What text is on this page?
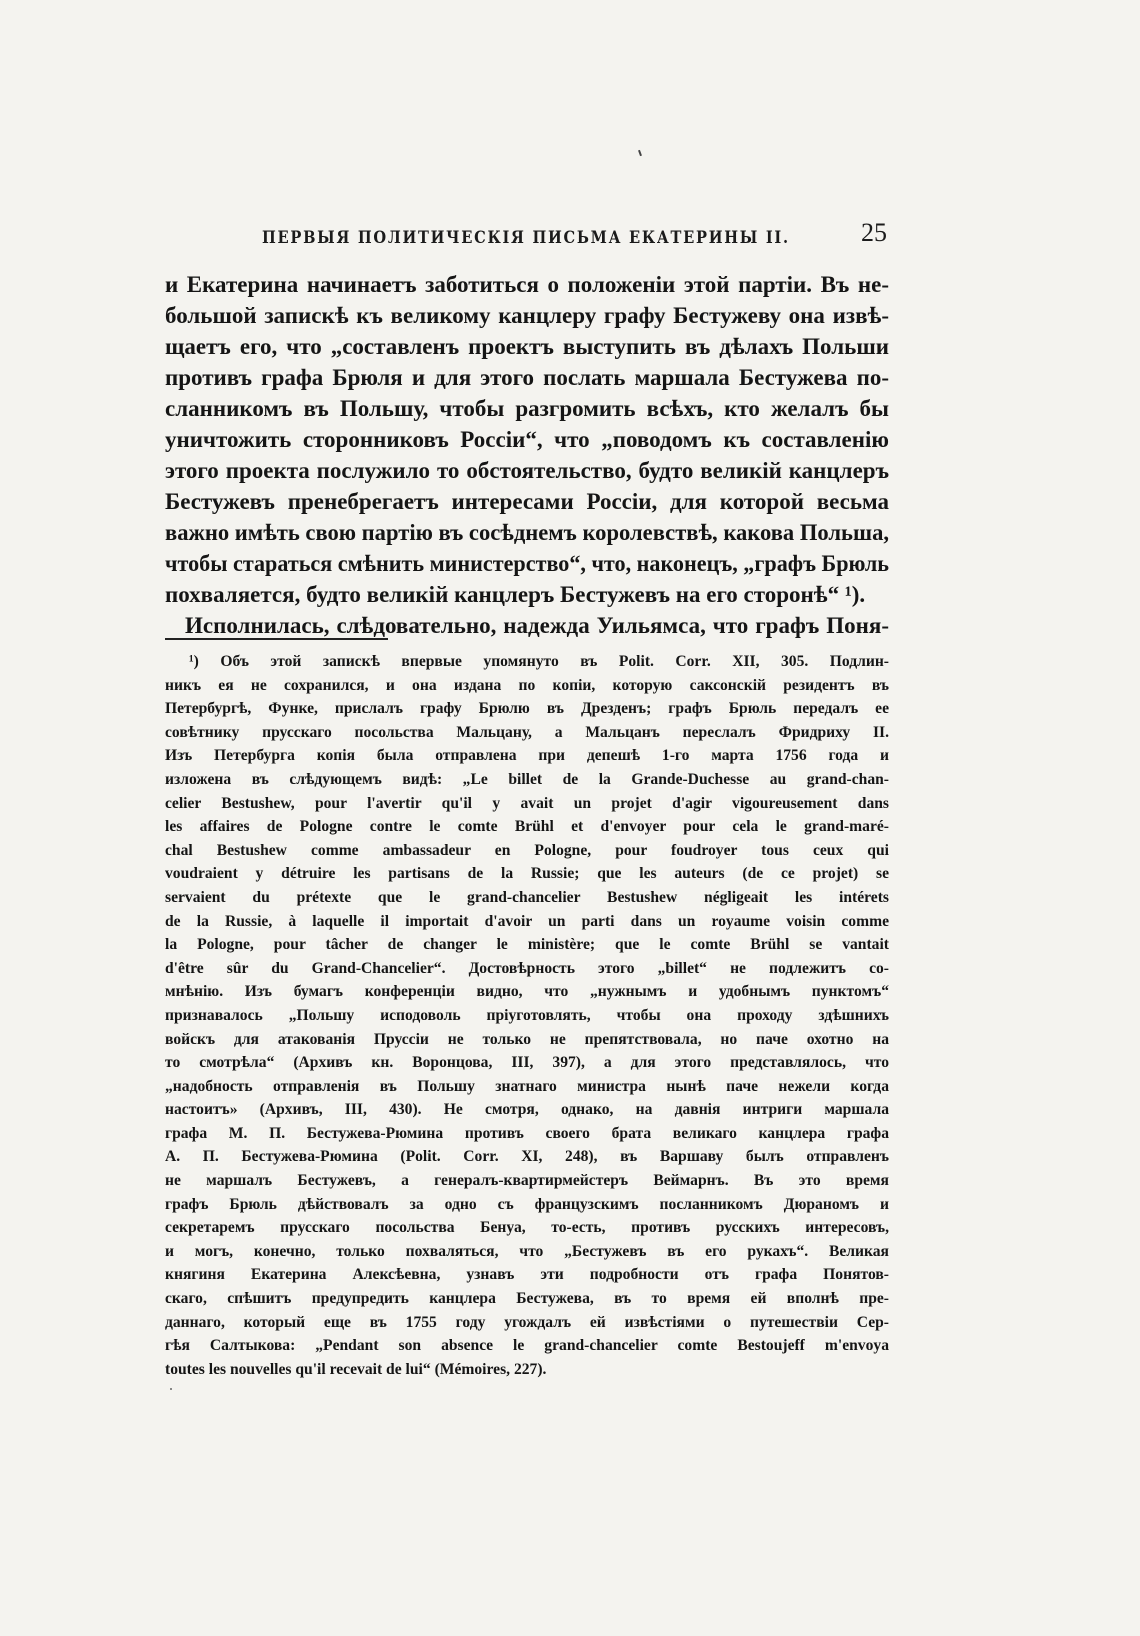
ПЕРВЫЯ ПОЛИТИЧЕСКІЯ ПИСЬМА ЕКАТЕРИНЫ II.	25
и Екатерина начинаетъ заботиться о положеніи этой партіи. Въ не-
большой запискѣ къ великому канцлеру графу Бестужеву она извѣ-
щаетъ его, что „составленъ проектъ выступить въ дѣлахъ Польши
противъ графа Брюля и для этого послать маршала Бестужева по-
сланникомъ въ Польшу, чтобы разгромить всѣхъ, кто желалъ бы
уничтожить сторонниковъ Россіи“, что „поводомъ къ составленію
этого проекта послужило то обстоятельство, будто великій канцлеръ
Бестужевъ пренебрегаетъ интересами Россіи, для которой весьма
важно имѣть свою партію въ сосѣднемъ королевствѣ, какова Польша,
чтобы стараться смѣнить министерство“, что, наконецъ, „графъ Брюль
похваляется, будто великій канцлеръ Бестужевъ на его сторонѣ“ ¹).
Исполнилась, слѣдовательно, надежда Уильямса, что графъ Поня-
¹) Объ этой запискѣ впервые упомянуто въ Polit. Corr. XII, 305. Подлин-
никъ ея не сохранился, и она издана по копіи, которую саксонскій резидентъ въ
Петербургѣ, Функе, прислалъ графу Брюлю въ Дрезденъ; графъ Брюль передалъ ее
совѣтнику прусскаго посольства Мальцану, а Мальцанъ переслалъ Фридриху II.
Изъ Петербурга копія была отправлена при депешѣ 1-го марта 1756 года и
изложена въ слѣдующемъ видѣ: „Le billet de la Grande-Duchesse au grand-chan-
celier Bestushew, pour l'avertir qu'il y avait un projet d'agir vigoureusement dans
les affaires de Pologne contre le comte Brühl et d'envoyer pour cela le grand-maré-
chal Bestushew comme ambassadeur en Pologne, pour foudroyer tous ceux qui
voudraient y détruire les partisans de la Russie; que les auteurs (de ce projet) se
servaient du prétexte que le grand-chancelier Bestushew négligeait les intérets
de la Russie, à laquelle il importait d'avoir un parti dans un royaume voisin comme
la Pologne, pour tâcher de changer le ministère; que le comte Brühl se vantait
d'être sûr du Grand-Chancelier“. Достовѣрность этого „billet“ не подлежитъ со-
мнѣнію. Изъ бумагъ конференціи видно, что „нужнымъ и удобнымъ пунктомъ“
признавалось „Польшу исподоволь пріуготовлять, чтобы она проходу здѣшнихъ
войскъ для атакованія Пруссіи не только не препятствовала, но паче охотно на
то смотрѣла“ (Архивъ кн. Воронцова, III, 397), а для этого представлялось, что
„надобность отправленія въ Польшу знатнаго министра нынѣ паче нежели когда
настоитъ» (Архивъ, III, 430). Не смотря, однако, на давнія интриги маршала
графа М. П. Бестужева-Рюмина противъ своего брата великаго канцлера графа
А. П. Бестужева-Рюмина (Polit. Corr. XI, 248), въ Варшаву былъ отправленъ
не маршалъ Бестужевъ, а генералъ-квартирмейстеръ Веймарнъ. Въ это время
графъ Брюль дѣйствовалъ за одно съ французскимъ посланникомъ Дюраномъ и
секретаремъ прусскаго посольства Бенуа, то-есть, противъ русскихъ интересовъ,
и могъ, конечно, только похваляться, что „Бестужевъ въ его рукахъ“. Великая
княгиня Екатерина Алексѣевна, узнавъ эти подробности отъ графа Понятов-
скаго, спѣшитъ предупредить канцлера Бестужева, въ то время ей вполнѣ пре-
даннаго, который еще въ 1755 году угождалъ ей извѣстіями о путешествіи Сер-
гѣя Салтыкова: „Pendant son absence le grand-chancelier comte Bestoujeff m'envoya
toutes les nouvelles qu'il recevait de lui“ (Mémoires, 227).
